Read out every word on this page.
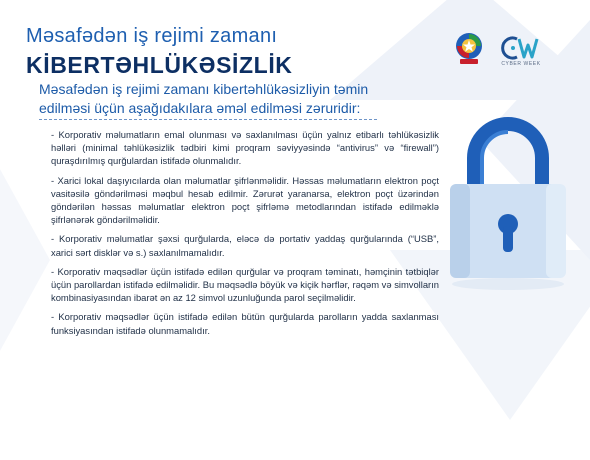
Məsafədən iş rejimi zamanı
KİBERTƏHLÜKƏSİZLİK

Məsafədən iş rejimi zamanı kibertəhlükəsizliyin təmin edilməsi üçün aşağıdakılara əməl edilməsi zəruridir:

- Korporativ məlumatların emal olunması və saxlanılması üçün yalnız etibarlı təhlükəsizlik həlləri (minimal təhlükəsizlik tədbiri kimi proqram səviyyəsində “antivirus” və “firewall”) quraşdırılmış qurğulardan istifadə olunmalıdır.

- Xarici lokal daşıyıcılarda olan məlumatlar şifrlənməlidir. Həssas məlumatların elektron poçt vasitəsilə göndərilməsi məqbul hesab edilmir. Zərurət yaranarsa, elektron poçt üzərindən göndərilən həssas məlumatlar elektron poçt şifrləmə metodlarından istifadə edilməklə şifrlənərək göndərilməlidir.

- Korporativ məlumatlar şəxsi qurğularda, eləcə də portativ yaddaş qurğularında (“USB”, xarici sərt disklər və s.) saxlanılmamalıdır.

- Korporativ məqsədlər üçün istifadə edilən qurğular və proqram təminatı, həmçinin tətbiqlər üçün parollardan istifadə edilməlidir. Bu məqsədlə böyük və kiçik hərflər, rəqəm və simvolların kombinasiyasından ibarət ən az 12 simvol uzunluğunda parol seçilməlidir.

- Korporativ məqsədlər üçün istifadə edilən bütün qurğularda parolların yadda saxlanması funksiyasından istifadə olunmamalıdır.

CYBER WEEK
